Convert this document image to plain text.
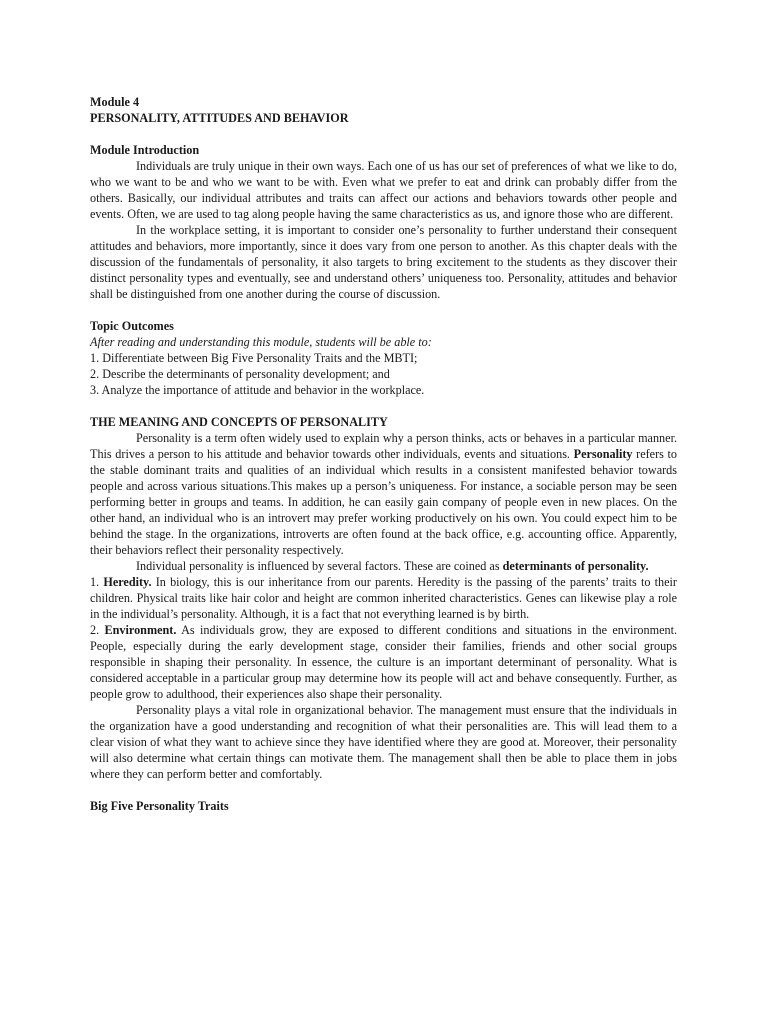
Module 4

PERSONALITY, ATTITUDES AND BEHAVIOR

Module Introduction

Individuals are truly unique in their own ways. Each one of us has our set of preferences of what we like to do, who we want to be and who we want to be with. Even what we prefer to eat and drink can probably differ from the others. Basically, our individual attributes and traits can affect our actions and behaviors towards other people and events. Often, we are used to tag along people having the same characteristics as us, and ignore those who are different.

In the workplace setting, it is important to consider one’s personality to further understand their consequent attitudes and behaviors, more importantly, since it does vary from one person to another. As this chapter deals with the discussion of the fundamentals of personality, it also targets to bring excitement to the students as they discover their distinct personality types and eventually, see and understand others’ uniqueness too. Personality, attitudes and behavior shall be distinguished from one another during the course of discussion.

Topic Outcomes

After reading and understanding this module, students will be able to:

1. Differentiate between Big Five Personality Traits and the MBTI;
2. Describe the determinants of personality development; and
3. Analyze the importance of attitude and behavior in the workplace.

THE MEANING AND CONCEPTS OF PERSONALITY

Personality is a term often widely used to explain why a person thinks, acts or behaves in a particular manner. This drives a person to his attitude and behavior towards other individuals, events and situations. Personality refers to the stable dominant traits and qualities of an individual which results in a consistent manifested behavior towards people and across various situations.This makes up a person’s uniqueness. For instance, a sociable person may be seen performing better in groups and teams. In addition, he can easily gain company of people even in new places. On the other hand, an individual who is an introvert may prefer working productively on his own. You could expect him to be behind the stage. In the organizations, introverts are often found at the back office, e.g. accounting office. Apparently, their behaviors reflect their personality respectively.

Individual personality is influenced by several factors. These are coined as determinants of personality.

1. Heredity. In biology, this is our inheritance from our parents. Heredity is the passing of the parents’ traits to their children. Physical traits like hair color and height are common inherited characteristics. Genes can likewise play a role in the individual’s personality. Although, it is a fact that not everything learned is by birth.

2. Environment. As individuals grow, they are exposed to different conditions and situations in the environment. People, especially during the early development stage, consider their families, friends and other social groups responsible in shaping their personality. In essence, the culture is an important determinant of personality. What is considered acceptable in a particular group may determine how its people will act and behave consequently. Further, as people grow to adulthood, their experiences also shape their personality.

Personality plays a vital role in organizational behavior. The management must ensure that the individuals in the organization have a good understanding and recognition of what their personalities are. This will lead them to a clear vision of what they want to achieve since they have identified where they are good at. Moreover, their personality will also determine what certain things can motivate them. The management shall then be able to place them in jobs where they can perform better and comfortably.

Big Five Personality Traits
